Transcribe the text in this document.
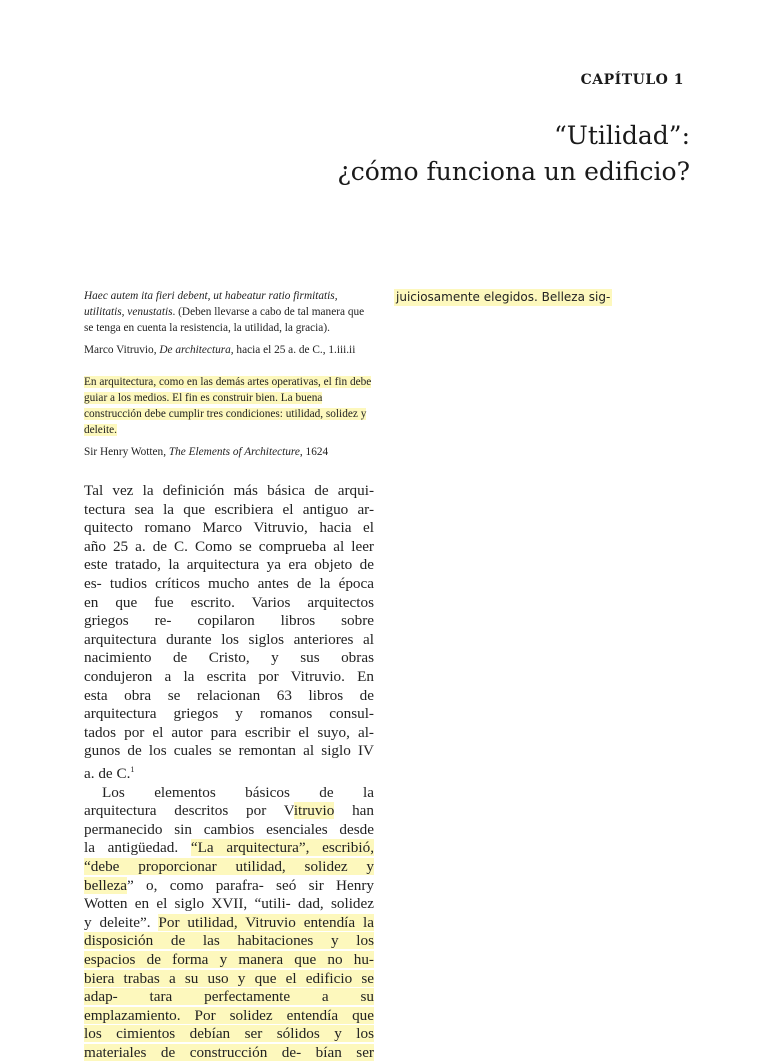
CAPÍTULO 1
“Utilidad”:
¿cómo funciona un edificio?

Haec autem ita fieri debent, ut habeatur ratio firmitatis, utilitatis, venustatis. (Deben llevarse a cabo de tal manera que se tenga en cuenta la resistencia, la utilidad, la gracia).

Marco Vitruvio, De architectura, hacia el 25 a. de C., 1.iii.ii

En arquitectura, como en las demás artes operativas, el fin debe guiar a los medios. El fin es construir bien. La buena construcción debe cumplir tres condiciones: utilidad, solidez y deleite.

Sir Henry Wotten, The Elements of Architecture, 1624

juiciosamente elegidos. Belleza sig-
Tal vez la definición más básica de arqui-
tectura sea la que escribiera el antiguo ar-
quitecto romano Marco Vitruvio, hacia el
año 25 a. de C. Como se comprueba al leer
este tratado, la arquitectura ya era objeto de
es- tudios críticos mucho antes de la época
en que fue escrito. Varios arquitectos
griegos re- copilaron libros sobre
arquitectura durante los siglos anteriores al
nacimiento de Cristo, y sus obras
condujeron a la escrita por Vitruvio. En
esta obra se relacionan 63 libros de
arquitectura griegos y romanos consul-
tados por el autor para escribir el suyo, al-
gunos de los cuales se remontan al siglo IV
a. de C.$^1$
Los elementos básicos de la
arquitectura descritos por Vitruvio han
permanecido sin cambios esenciales desde
la antigüedad. “La arquitectura”, escribió,
“debe proporcionar utilidad, solidez y
belleza” o, como parafra- seó sir Henry
Wotten en el siglo XVII, “utili- dad, solidez
y deleite”. Por utilidad, Vitruvio entendía la
disposición de las habitaciones y los
espacios de forma y manera que no hu-
biera trabas a su uso y que el edificio se
adap- tara perfectamente a su
emplazamiento. Por solidez entendía que
los cimientos debían ser sólidos y los
materiales de construcción de- bían ser
